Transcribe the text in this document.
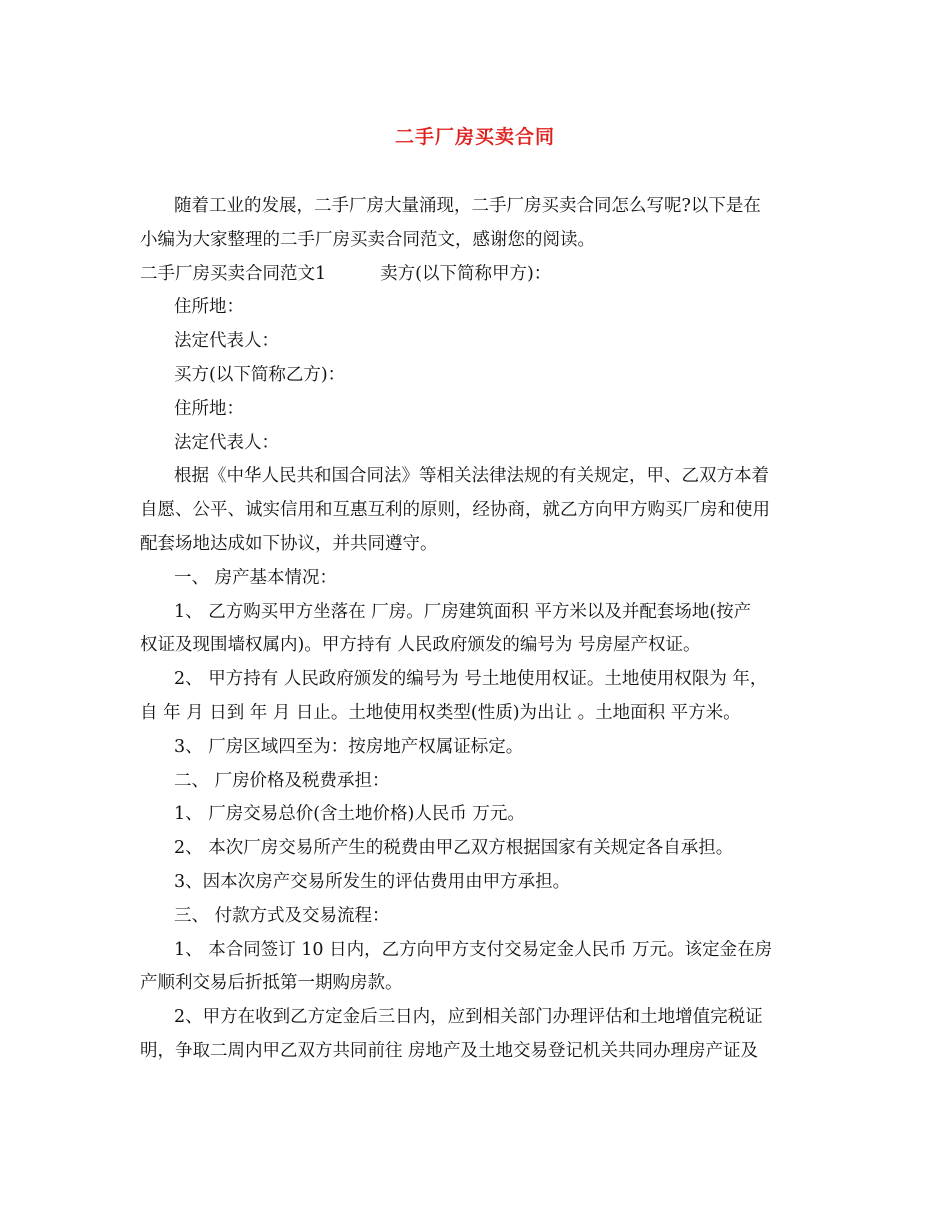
二手厂房买卖合同
随着工业的发展，二手厂房大量涌现，二手厂房买卖合同怎么写呢?以下是在
小编为大家整理的二手厂房买卖合同范文，感谢您的阅读。
二手厂房买卖合同范文1	卖方(以下简称甲方)：
住所地：
法定代表人：
买方(以下简称乙方)：
住所地：
法定代表人：
根据《中华人民共和国合同法》等相关法律法规的有关规定，甲、乙双方本着
自愿、公平、诚实信用和互惠互利的原则，经协商，就乙方向甲方购买厂房和使用
配套场地达成如下协议，并共同遵守。
一、 房产基本情况：
1、 乙方购买甲方坐落在 厂房。厂房建筑面积 平方米以及并配套场地(按产
权证及现围墙权属内)。甲方持有 人民政府颁发的编号为 号房屋产权证。
2、 甲方持有 人民政府颁发的编号为 号土地使用权证。土地使用权限为 年，
自 年 月 日到 年 月 日止。土地使用权类型(性质)为出让 。土地面积 平方米。
3、 厂房区域四至为：按房地产权属证标定。
二、 厂房价格及税费承担：
1、 厂房交易总价(含土地价格)人民币 万元。
2、 本次厂房交易所产生的税费由甲乙双方根据国家有关规定各自承担。
3、因本次房产交易所发生的评估费用由甲方承担。
三、 付款方式及交易流程：
1、 本合同签订 10 日内，乙方向甲方支付交易定金人民币 万元。该定金在房
产顺利交易后折抵第一期购房款。
2、甲方在收到乙方定金后三日内，应到相关部门办理评估和土地增值完税证
明，争取二周内甲乙双方共同前往 房地产及土地交易登记机关共同办理房产证及
